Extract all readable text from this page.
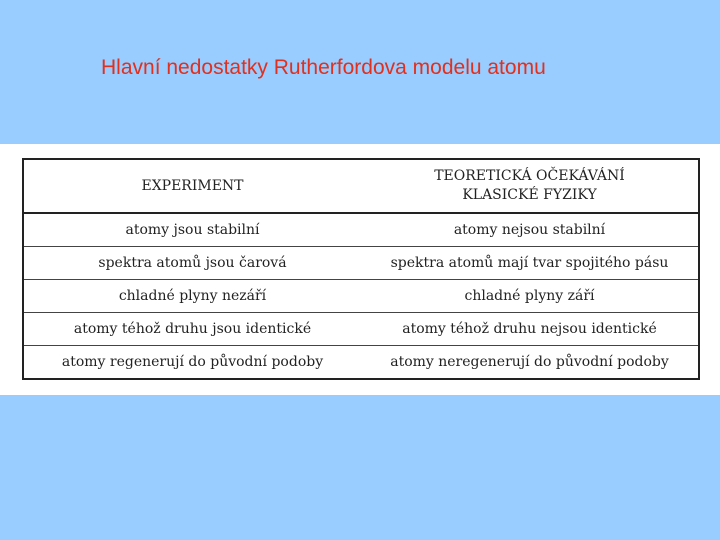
Hlavní nedostatky Rutherfordova modelu atomu
EXPERIMENT	TEORETICKÁ OČEKÁVÁNÍ
KLASICKÉ FYZIKY

atomy jsou stabilní	atomy nejsou stabilní
spektra atomů jsou čarová	spektra atomů mají tvar spojitého pásu
chladné plyny nezáří	chladné plyny září
atomy téhož druhu jsou identické	atomy téhož druhu nejsou identické
atomy regenerují do původní podoby	atomy neregenerují do původní podoby
